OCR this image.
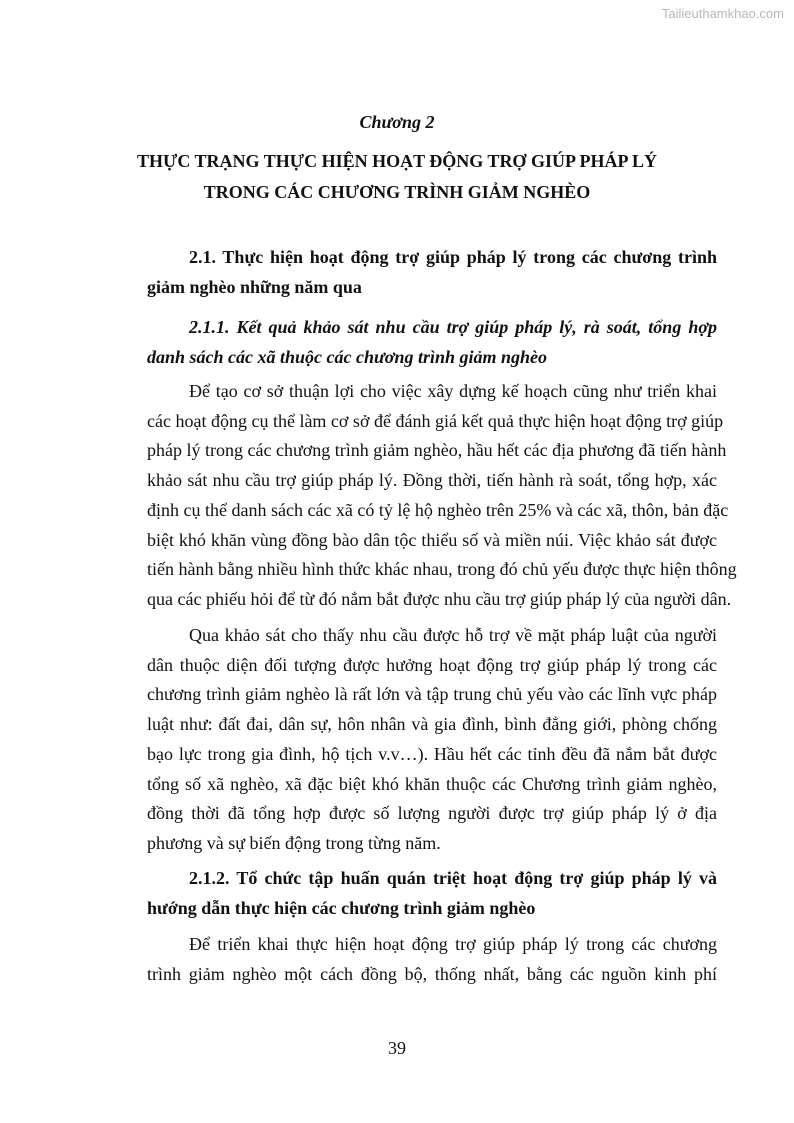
Tailieuthamkhao.com
Chương 2
THỰC TRẠNG THỰC HIỆN HOẠT ĐỘNG TRỢ GIÚP PHÁP LÝ
TRONG CÁC CHƯƠNG TRÌNH GIẢM NGHÈO
2.1. Thực hiện hoạt động trợ giúp pháp lý trong các chương trình
giảm nghèo những năm qua
2.1.1. Kết quả khảo sát nhu cầu trợ giúp pháp lý, rà soát, tổng hợp
danh sách các xã thuộc các chương trình giảm nghèo
Để tạo cơ sở thuận lợi cho việc xây dựng kế hoạch cũng như triển khai
các hoạt động cụ thể làm cơ sở để đánh giá kết quả thực hiện hoạt động trợ giúp
pháp lý trong các chương trình giảm nghèo, hầu hết các địa phương đã tiến hành
khảo sát nhu cầu trợ giúp pháp lý. Đồng thời, tiến hành rà soát, tổng hợp, xác
định cụ thể danh sách các xã có tỷ lệ hộ nghèo trên 25% và các xã, thôn, bản đặc
biệt khó khăn vùng đồng bào dân tộc thiểu số và miền núi. Việc khảo sát được
tiến hành bằng nhiều hình thức khác nhau, trong đó chủ yếu được thực hiện thông
qua các phiếu hỏi để từ đó nắm bắt được nhu cầu trợ giúp pháp lý của người dân.
Qua khảo sát cho thấy nhu cầu được hỗ trợ về mặt pháp luật của người
dân thuộc diện đối tượng được hưởng hoạt động trợ giúp pháp lý trong các
chương trình giảm nghèo là rất lớn và tập trung chủ yếu vào các lĩnh vực pháp
luật như: đất đai, dân sự, hôn nhân và gia đình, bình đẳng giới, phòng chống
bạo lực trong gia đình, hộ tịch v.v…). Hầu hết các tỉnh đều đã nắm bắt được
tổng số xã nghèo, xã đặc biệt khó khăn thuộc các Chương trình giảm nghèo,
đồng thời đã tổng hợp được số lượng người được trợ giúp pháp lý ở địa
phương và sự biến động trong từng năm.
2.1.2. Tổ chức tập huấn quán triệt hoạt động trợ giúp pháp lý và
hướng dẫn thực hiện các chương trình giảm nghèo
Để triển khai thực hiện hoạt động trợ giúp pháp lý trong các chương
trình giảm nghèo một cách đồng bộ, thống nhất, bằng các nguồn kinh phí
39
